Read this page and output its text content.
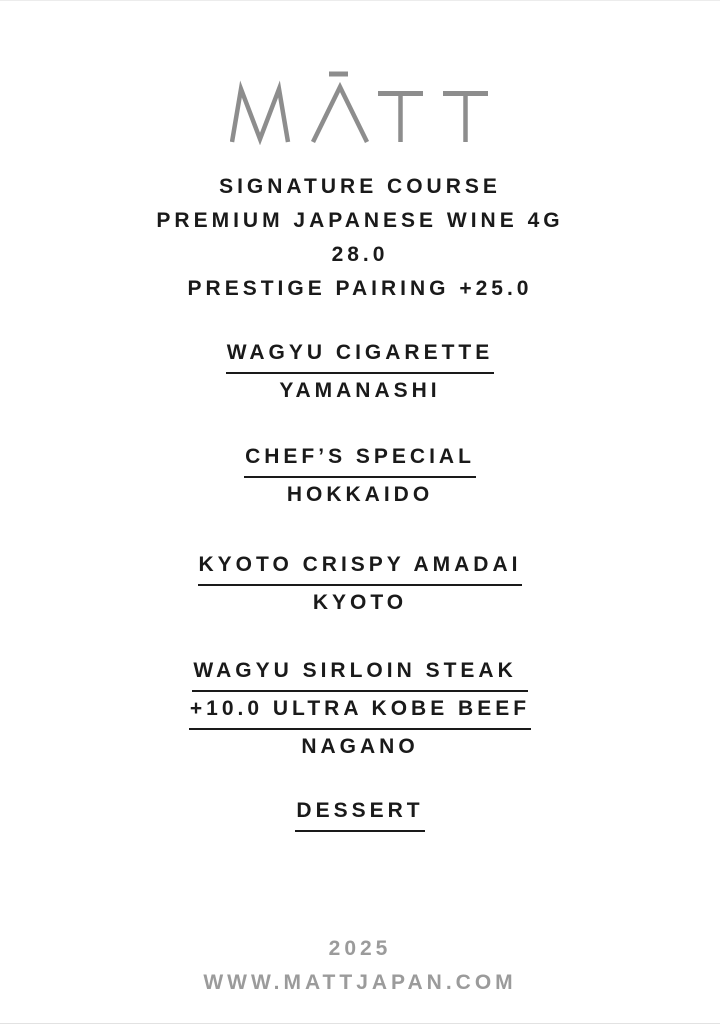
SIGNATURE COURSE
PREMIUM JAPANESE WINE 4G
28.0
PRESTIGE PAIRING +25.0
WAGYU CIGARETTE
YAMANASHI
CHEF’S SPECIAL
HOKKAIDO
KYOTO CRISPY AMADAI
KYOTO
WAGYU SIRLOIN STEAK
+10.0 ULTRA KOBE BEEF
NAGANO
DESSERT
2025
WWW.MATTJAPAN.COM
